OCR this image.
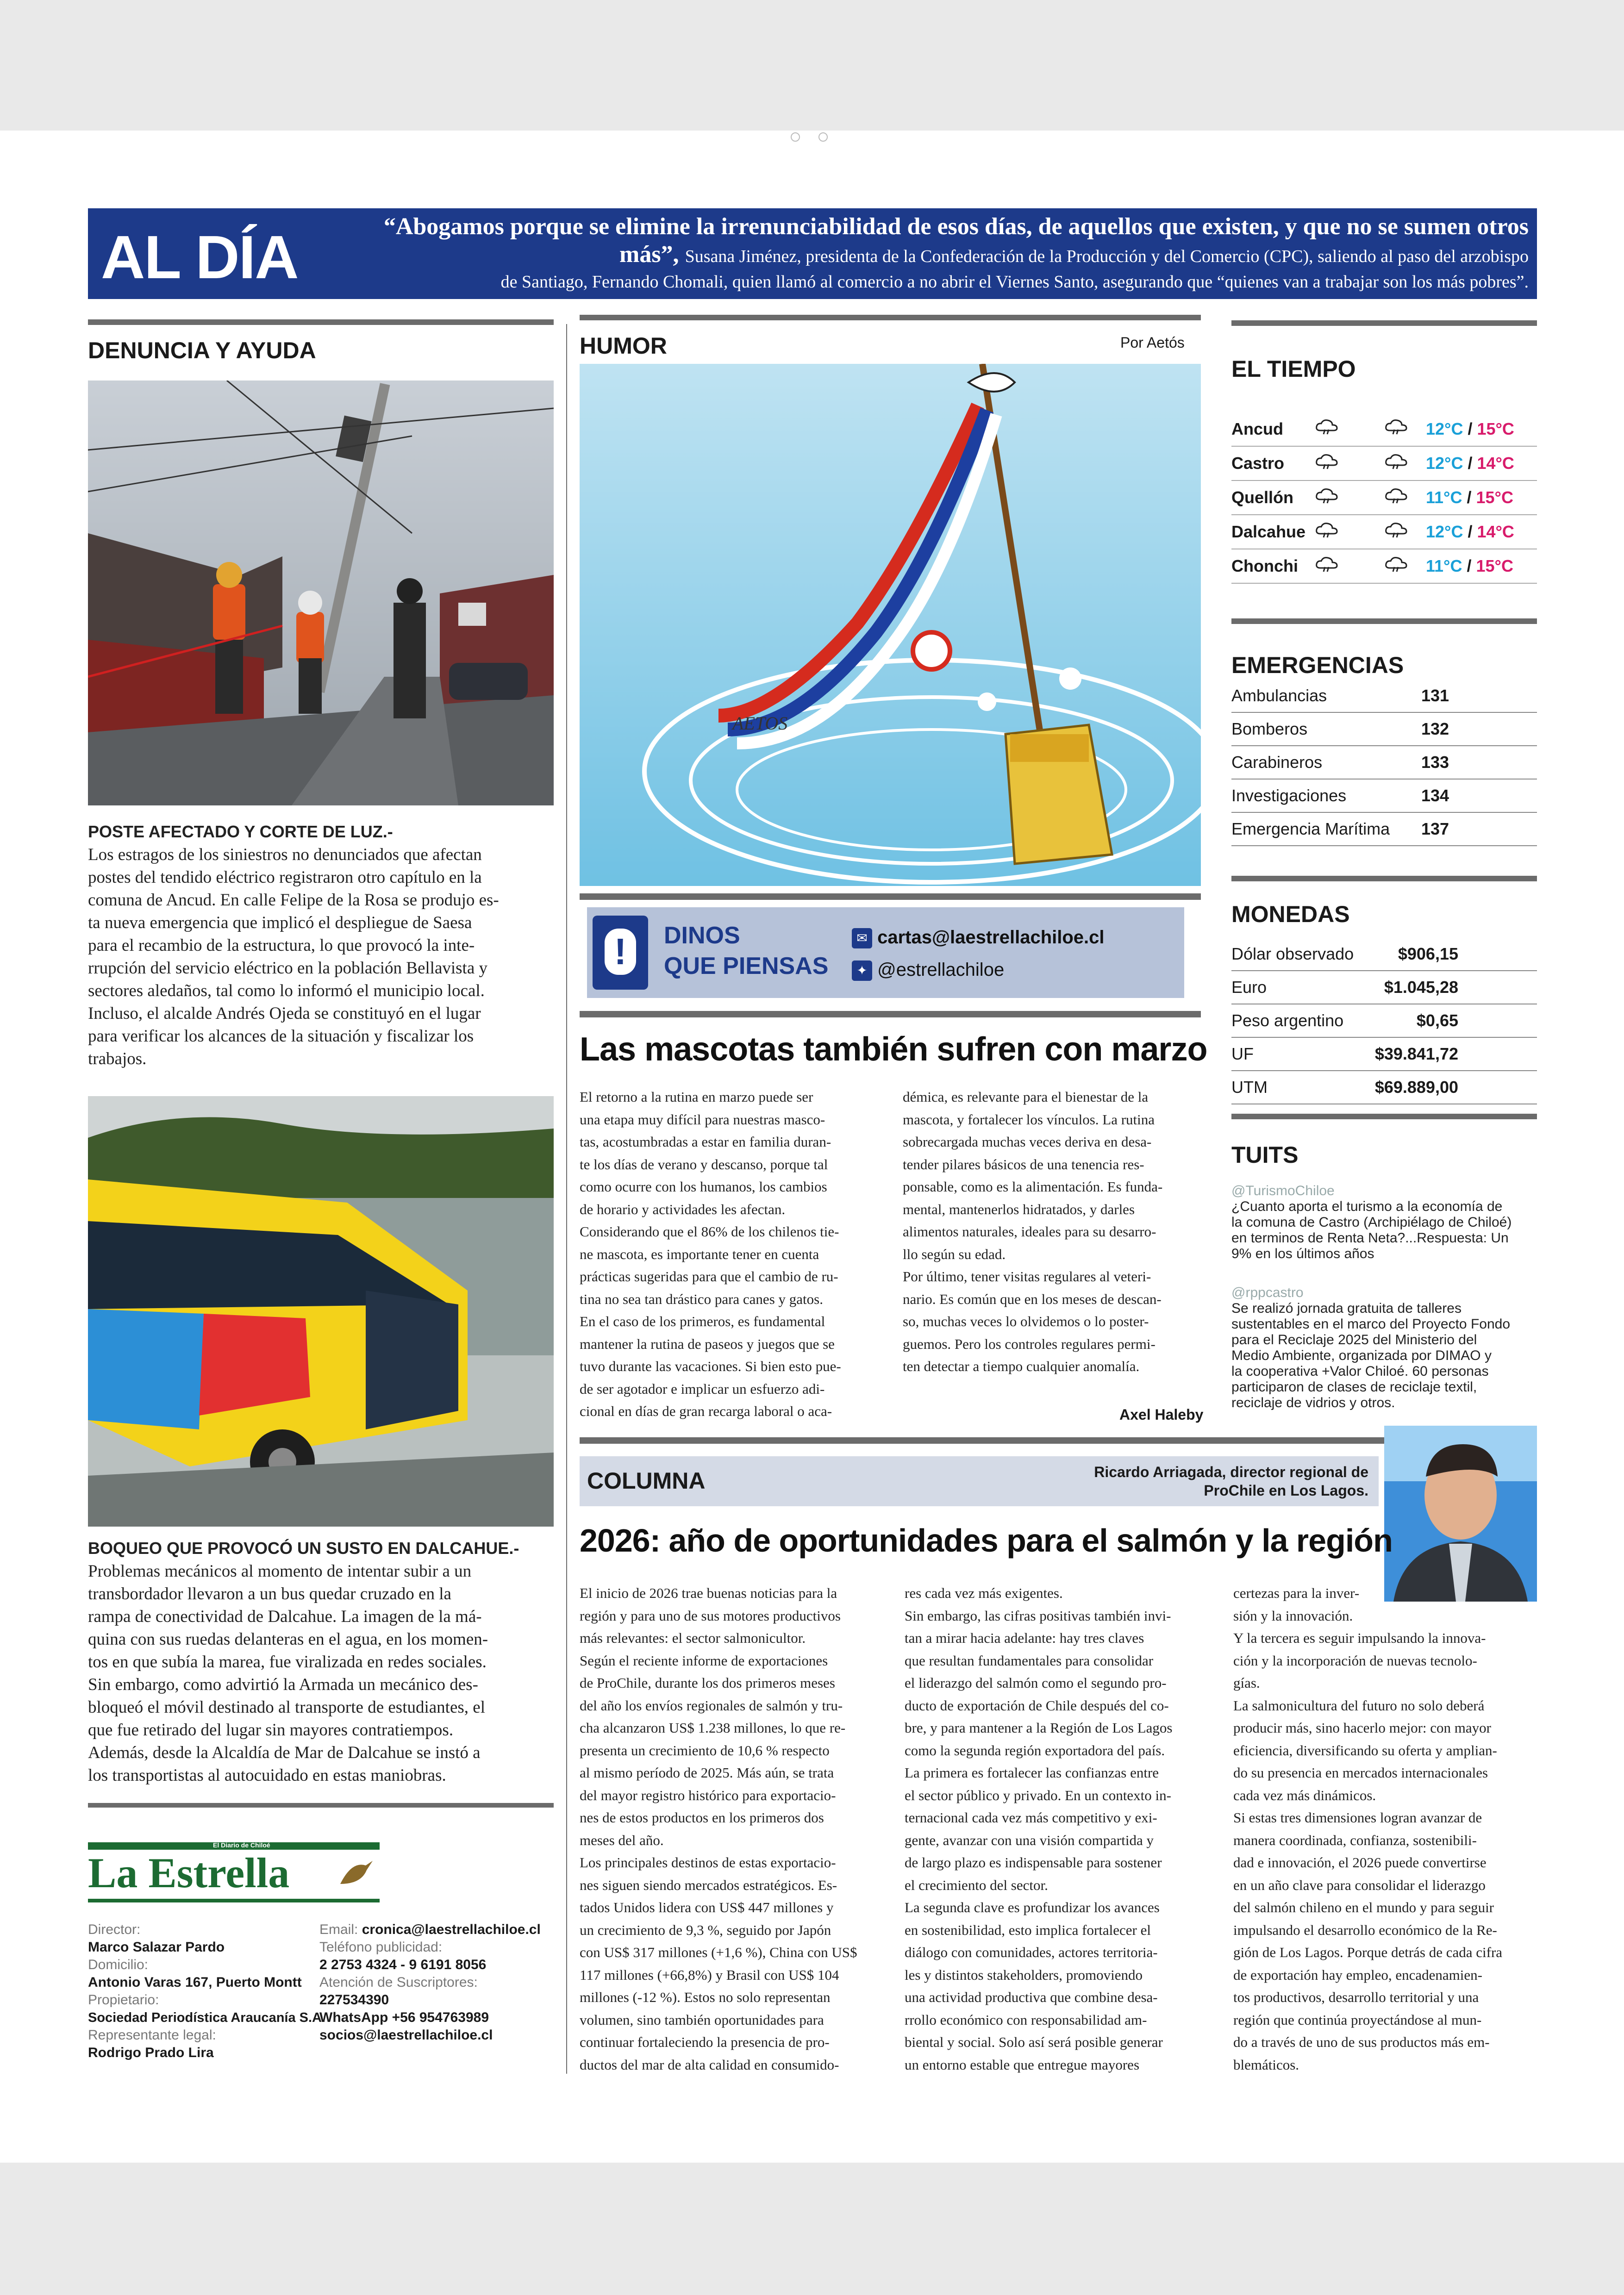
AL DÍA	“Abogamos porque se elimine la irrenunciabilidad de esos días, de aquellos que existen, y que no se sumen otros más”, Susana Jiménez, presidenta de la Confederación de la Producción y del Comercio (CPC), saliendo al paso del arzobispo
de Santiago, Fernando Chomali, quien llamó al comercio a no abrir el Viernes Santo, asegurando que “quienes van a trabajar son los más pobres”.
DENUNCIA Y AYUDA
POSTE AFECTADO Y CORTE DE LUZ.-
Los estragos de los siniestros no denunciados que afectan
postes del tendido eléctrico registraron otro capítulo en la
comuna de Ancud. En calle Felipe de la Rosa se produjo es-
ta nueva emergencia que implicó el despliegue de Saesa
para el recambio de la estructura, lo que provocó la inte-
rrupción del servicio eléctrico en la población Bellavista y
sectores aledaños, tal como lo informó el municipio local.
Incluso, el alcalde Andrés Ojeda se constituyó en el lugar
para verificar los alcances de la situación y fiscalizar los
trabajos.
BOQUEO QUE PROVOCÓ UN SUSTO EN DALCAHUE.-
Problemas mecánicos al momento de intentar subir a un
transbordador llevaron a un bus quedar cruzado en la
rampa de conectividad de Dalcahue. La imagen de la má-
quina con sus ruedas delanteras en el agua, en los momen-
tos en que subía la marea, fue viralizada en redes sociales.
Sin embargo, como advirtió la Armada un mecánico des-
bloqueó el móvil destinado al transporte de estudiantes, el
que fue retirado del lugar sin mayores contratiempos.
Además, desde la Alcaldía de Mar de Dalcahue se instó a
los transportistas al autocuidado en estas maniobras.
El Diario de Chiloé
La Estrella
Director:
Marco Salazar Pardo
Domicilio:
Antonio Varas 167, Puerto Montt
Propietario:
Sociedad Periodística Araucanía S.A.
Representante legal:
Rodrigo Prado Lira
Email: cronica@laestrellachiloe.cl
Teléfono publicidad:
2 2753 4324 - 9 6191 8056
Atención de Suscriptores:
227534390
WhatsApp +56 954763989
socios@laestrellachiloe.cl
HUMOR	Por Aetós
AETOS
!	DINOS
QUE PIENSAS
✉ cartas@laestrellachiloe.cl
✦ @estrellachiloe
Las mascotas también sufren con marzo
El retorno a la rutina en marzo puede ser
una etapa muy difícil para nuestras masco-
tas, acostumbradas a estar en familia duran-
te los días de verano y descanso, porque tal
como ocurre con los humanos, los cambios
de horario y actividades les afectan.
Considerando que el 86% de los chilenos tie-
ne mascota, es importante tener en cuenta
prácticas sugeridas para que el cambio de ru-
tina no sea tan drástico para canes y gatos.
En el caso de los primeros, es fundamental
mantener la rutina de paseos y juegos que se
tuvo durante las vacaciones. Si bien esto pue-
de ser agotador e implicar un esfuerzo adi-
cional en días de gran recarga laboral o aca-
démica, es relevante para el bienestar de la
mascota, y fortalecer los vínculos. La rutina
sobrecargada muchas veces deriva en desa-
tender pilares básicos de una tenencia res-
ponsable, como es la alimentación. Es funda-
mental, mantenerlos hidratados, y darles
alimentos naturales, ideales para su desarro-
llo según su edad.
Por último, tener visitas regulares al veteri-
nario. Es común que en los meses de descan-
so, muchas veces lo olvidemos o lo poster-
guemos. Pero los controles regulares permi-
ten detectar a tiempo cualquier anomalía.
Axel Haleby
COLUMNA	Ricardo Arriagada, director regional de
ProChile en Los Lagos.
2026: año de oportunidades para el salmón y la región
El inicio de 2026 trae buenas noticias para la
región y para uno de sus motores productivos
más relevantes: el sector salmonicultor.
Según el reciente informe de exportaciones
de ProChile, durante los dos primeros meses
del año los envíos regionales de salmón y tru-
cha alcanzaron US$ 1.238 millones, lo que re-
presenta un crecimiento de 10,6 % respecto
al mismo período de 2025. Más aún, se trata
del mayor registro histórico para exportacio-
nes de estos productos en los primeros dos
meses del año.
Los principales destinos de estas exportacio-
nes siguen siendo mercados estratégicos. Es-
tados Unidos lidera con US$ 447 millones y
un crecimiento de 9,3 %, seguido por Japón
con US$ 317 millones (+1,6 %), China con US$
117 millones (+66,8%) y Brasil con US$ 104
millones (-12 %). Estos no solo representan
volumen, sino también oportunidades para
continuar fortaleciendo la presencia de pro-
ductos del mar de alta calidad en consumido-
res cada vez más exigentes.
Sin embargo, las cifras positivas también invi-
tan a mirar hacia adelante: hay tres claves
que resultan fundamentales para consolidar
el liderazgo del salmón como el segundo pro-
ducto de exportación de Chile después del co-
bre, y para mantener a la Región de Los Lagos
como la segunda región exportadora del país.
La primera es fortalecer las confianzas entre
el sector público y privado. En un contexto in-
ternacional cada vez más competitivo y exi-
gente, avanzar con una visión compartida y
de largo plazo es indispensable para sostener
el crecimiento del sector.
La segunda clave es profundizar los avances
en sostenibilidad, esto implica fortalecer el
diálogo con comunidades, actores territoria-
les y distintos stakeholders, promoviendo
una actividad productiva que combine desa-
rrollo económico con responsabilidad am-
biental y social. Solo así será posible generar
un entorno estable que entregue mayores
certezas para la inver-
sión y la innovación.
Y la tercera es seguir impulsando la innova-
ción y la incorporación de nuevas tecnolo-
gías.
La salmonicultura del futuro no solo deberá
producir más, sino hacerlo mejor: con mayor
eficiencia, diversificando su oferta y amplian-
do su presencia en mercados internacionales
cada vez más dinámicos.
Si estas tres dimensiones logran avanzar de
manera coordinada, confianza, sostenibili-
dad e innovación, el 2026 puede convertirse
en un año clave para consolidar el liderazgo
del salmón chileno en el mundo y para seguir
impulsando el desarrollo económico de la Re-
gión de Los Lagos. Porque detrás de cada cifra
de exportación hay empleo, encadenamien-
tos productivos, desarrollo territorial y una
región que continúa proyectándose al mun-
do a través de uno de sus productos más em-
blemáticos.
EL TIEMPO
Ancud			12°C / 15°C
Castro			12°C / 14°C
Quellón			11°C / 15°C
Dalcahue			12°C / 14°C
Chonchi			11°C / 15°C
EMERGENCIAS
Ambulancias	131
Bomberos	132
Carabineros	133
Investigaciones	134
Emergencia Marítima	137
MONEDAS
Dólar observado	$906,15
Euro	$1.045,28
Peso argentino	$0,65
UF	$39.841,72
UTM	$69.889,00
TUITS
@TurismoChiloe
¿Cuanto aporta el turismo a la economía de
la comuna de Castro (Archipiélago de Chiloé)
en terminos de Renta Neta?...Respuesta: Un
9% en los últimos años
@rppcastro
Se realizó jornada gratuita de talleres
sustentables en el marco del Proyecto Fondo
para el Reciclaje 2025 del Ministerio del
Medio Ambiente, organizada por DIMAO y
la cooperativa +Valor Chiloé. 60 personas
participaron de clases de reciclaje textil,
reciclaje de vidrios y otros.
